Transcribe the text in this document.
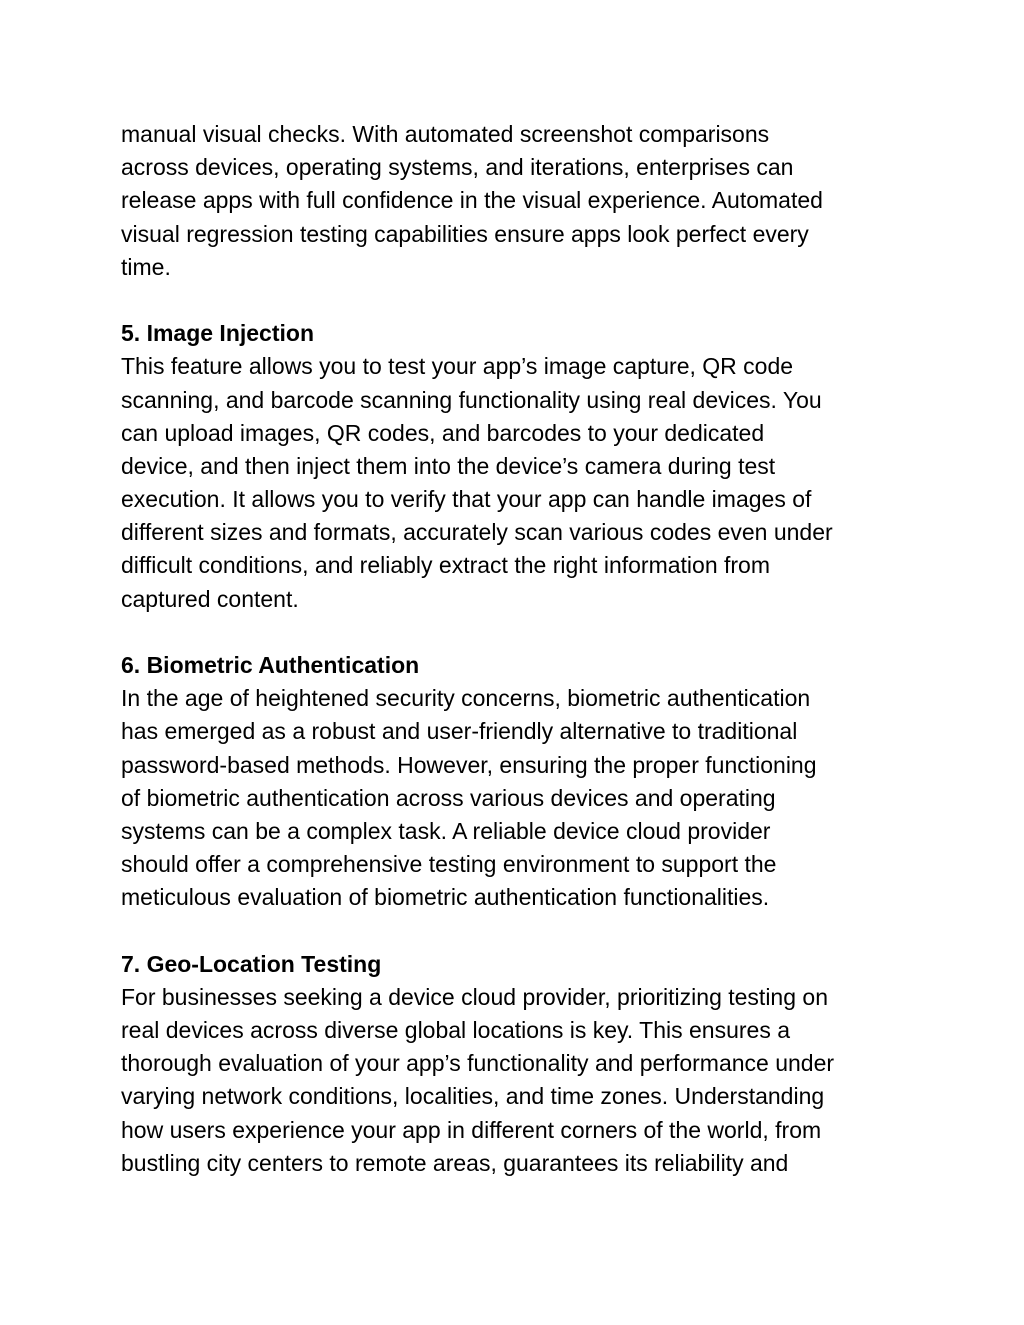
manual visual checks. With automated screenshot comparisons
across devices, operating systems, and iterations, enterprises can
release apps with full confidence in the visual experience. Automated
visual regression testing capabilities ensure apps look perfect every
time.
5. Image Injection
This feature allows you to test your app’s image capture, QR code
scanning, and barcode scanning functionality using real devices. You
can upload images, QR codes, and barcodes to your dedicated
device, and then inject them into the device’s camera during test
execution. It allows you to verify that your app can handle images of
different sizes and formats, accurately scan various codes even under
difficult conditions, and reliably extract the right information from
captured content.
6. Biometric Authentication
In the age of heightened security concerns, biometric authentication
has emerged as a robust and user-friendly alternative to traditional
password-based methods. However, ensuring the proper functioning
of biometric authentication across various devices and operating
systems can be a complex task. A reliable device cloud provider
should offer a comprehensive testing environment to support the
meticulous evaluation of biometric authentication functionalities.
7. Geo-Location Testing
For businesses seeking a device cloud provider, prioritizing testing on
real devices across diverse global locations is key. This ensures a
thorough evaluation of your app’s functionality and performance under
varying network conditions, localities, and time zones. Understanding
how users experience your app in different corners of the world, from
bustling city centers to remote areas, guarantees its reliability and
